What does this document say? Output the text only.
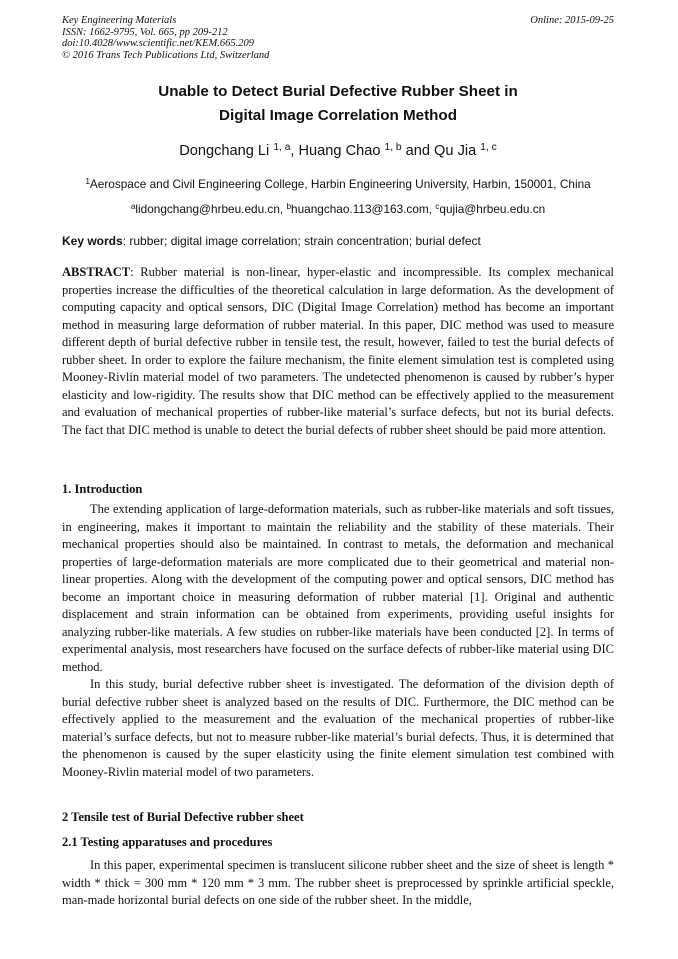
Key Engineering Materials
ISSN: 1662-9795, Vol. 665, pp 209-212
doi:10.4028/www.scientific.net/KEM.665.209
© 2016 Trans Tech Publications Ltd, Switzerland
Online: 2015-09-25
Unable to Detect Burial Defective Rubber Sheet in
Digital Image Correlation Method
Dongchang Li $^{1, a}$, Huang Chao $^{1, b}$ and Qu Jia $^{1, c}$
$^1$Aerospace and Civil Engineering College, Harbin Engineering University, Harbin, 150001, China
$^a$lidongchang@hrbeu.edu.cn, $^b$huangchao.113@163.com, $^c$qujia@hrbeu.edu.cn
Key words: rubber; digital image correlation; strain concentration; burial defect

ABSTRACT: Rubber material is non-linear, hyper-elastic and incompressible. Its complex mechanical properties increase the difficulties of the theoretical calculation in large deformation. As the development of computing capacity and optical sensors, DIC (Digital Image Correlation) method has become an important method in measuring large deformation of rubber material. In this paper, DIC method was used to measure different depth of burial defective rubber in tensile test, the result, however, failed to test the burial defects of rubber sheet. In order to explore the failure mechanism, the finite element simulation test is completed using Mooney-Rivlin material model of two parameters. The undetected phenomenon is caused by rubber’s hyper elasticity and low-rigidity. The results show that DIC method can be effectively applied to the measurement and evaluation of mechanical properties of rubber-like material’s surface defects, but not its burial defects. The fact that DIC method is unable to detect the burial defects of rubber sheet should be paid more attention.

1. Introduction

The extending application of large-deformation materials, such as rubber-like materials and soft tissues, in engineering, makes it important to maintain the reliability and the stability of these materials. Their mechanical properties should also be maintained. In contrast to metals, the deformation and mechanical properties of large-deformation materials are more complicated due to their geometrical and material non-linear properties. Along with the development of the computing power and optical sensors, DIC method has become an important choice in measuring deformation of rubber material [1]. Original and authentic displacement and strain information can be obtained from experiments, providing useful insights for analyzing rubber-like materials. A few studies on rubber-like materials have been conducted [2]. In terms of experimental analysis, most researchers have focused on the surface defects of rubber-like material using DIC method.

In this study, burial defective rubber sheet is investigated. The deformation of the division depth of burial defective rubber sheet is analyzed based on the results of DIC. Furthermore, the DIC method can be effectively applied to the measurement and the evaluation of the mechanical properties of rubber-like material’s surface defects, but not to measure rubber-like material’s burial defects. Thus, it is determined that the phenomenon is caused by the super elasticity using the finite element simulation test combined with Mooney-Rivlin material model of two parameters.

2 Tensile test of Burial Defective rubber sheet
2.1 Testing apparatuses and procedures

In this paper, experimental specimen is translucent silicone rubber sheet and the size of sheet is length * width * thick = 300 mm * 120 mm * 3 mm. The rubber sheet is preprocessed by sprinkle artificial speckle, man-made horizontal burial defects on one side of the rubber sheet. In the middle,
